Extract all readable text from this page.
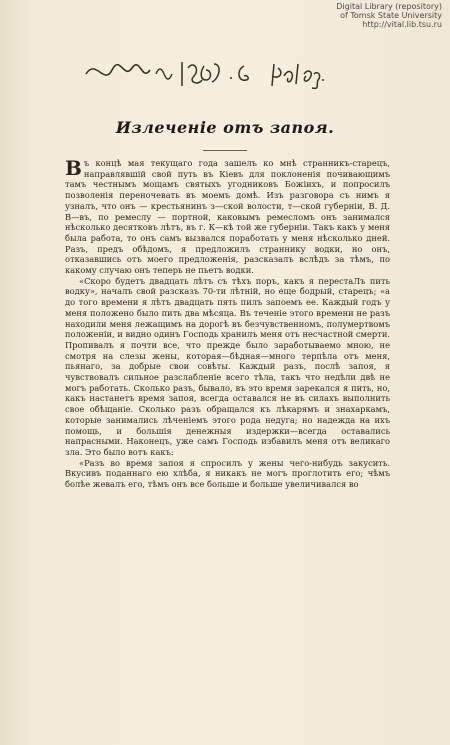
Digital Library (repository)
of Tomsk State University
http://vital.lib.tsu.ru
Излеченіе отъ запоя.

Въ концѣ мая текущаго года зашелъ ко мнѣ странникъ-старецъ, направлявшій свой путь въ Кіевъ для поклоненія почивающимъ тамъ честнымъ мощамъ святыхъ угодниковъ Божіихъ, и попросилъ позволенія переночевать въ моемъ домѣ. Изъ разговора съ нимъ я узналъ, что онъ — крестьянинъ з—ской волости, т—ской губерніи, В. Д. В—въ, по ремеслу — портной, каковымъ ремесломъ онъ занимался нѣсколько десятковъ лѣтъ, въ г. К—кѣ той же губерніи. Такъ какъ у меня была работа, то онъ самъ вызвался поработать у меня нѣсколько дней. Разъ, предъ обѣдомъ, я предложилъ страннику водки, но онъ, отказавшись отъ моего предложенія, разсказалъ вслѣдъ за тѣмъ, по какому случаю онъ теперь не пьетъ водки.

«Скоро будетъ двадцать лѣтъ съ тѣхъ поръ, какъ я перестаЛъ пить водку», началъ свой разсказъ 70-ти лѣтній, но еще бодрый, старецъ; «а до того времени я лѣтъ двадцать пять пилъ запоемъ ее. Каждый годъ у меня положено было пить два мѣсяца. Въ теченіе этого времени не разъ находили меня лежащимъ на дорогѣ въ безчувственномъ, полумертвомъ положеніи, и видно одинъ Господь хранилъ меня отъ несчастной смерти. Пропивалъ я почти все, что прежде было заработываемо мною, не смотря на слезы жены, которая—бѣдная—много терпѣла отъ меня, пьянаго, за добрые свои совѣты. Каждый разъ, послѣ запоя, я чувствовалъ сильное разслабленіе всего тѣла, такъ что недѣли двѣ не могъ работать. Сколько разъ, бывало, въ это время зарекался я пить, но, какъ настанетъ время запоя, всегда оставался не въ силахъ выполнить свое обѣщаніе. Сколько разъ обращался къ лѣкарямъ и знахаркамъ, которые занимались лѣченіемъ этого рода недуга; но надежда на ихъ помощь, и большія денежныя издержки—всегда оставались напрасными. Наконецъ, уже самъ Господь избавилъ меня отъ великаго зла. Это было вотъ какъ:

«Разъ во время запоя я спросилъ у жены чего-нибудь закусить. Вкусивъ поданнаго ею хлѣба, я никакъ не могъ проглотить его; чѣмъ болѣе жевалъ его, тѣмъ онъ все больше и больше увеличивался во
